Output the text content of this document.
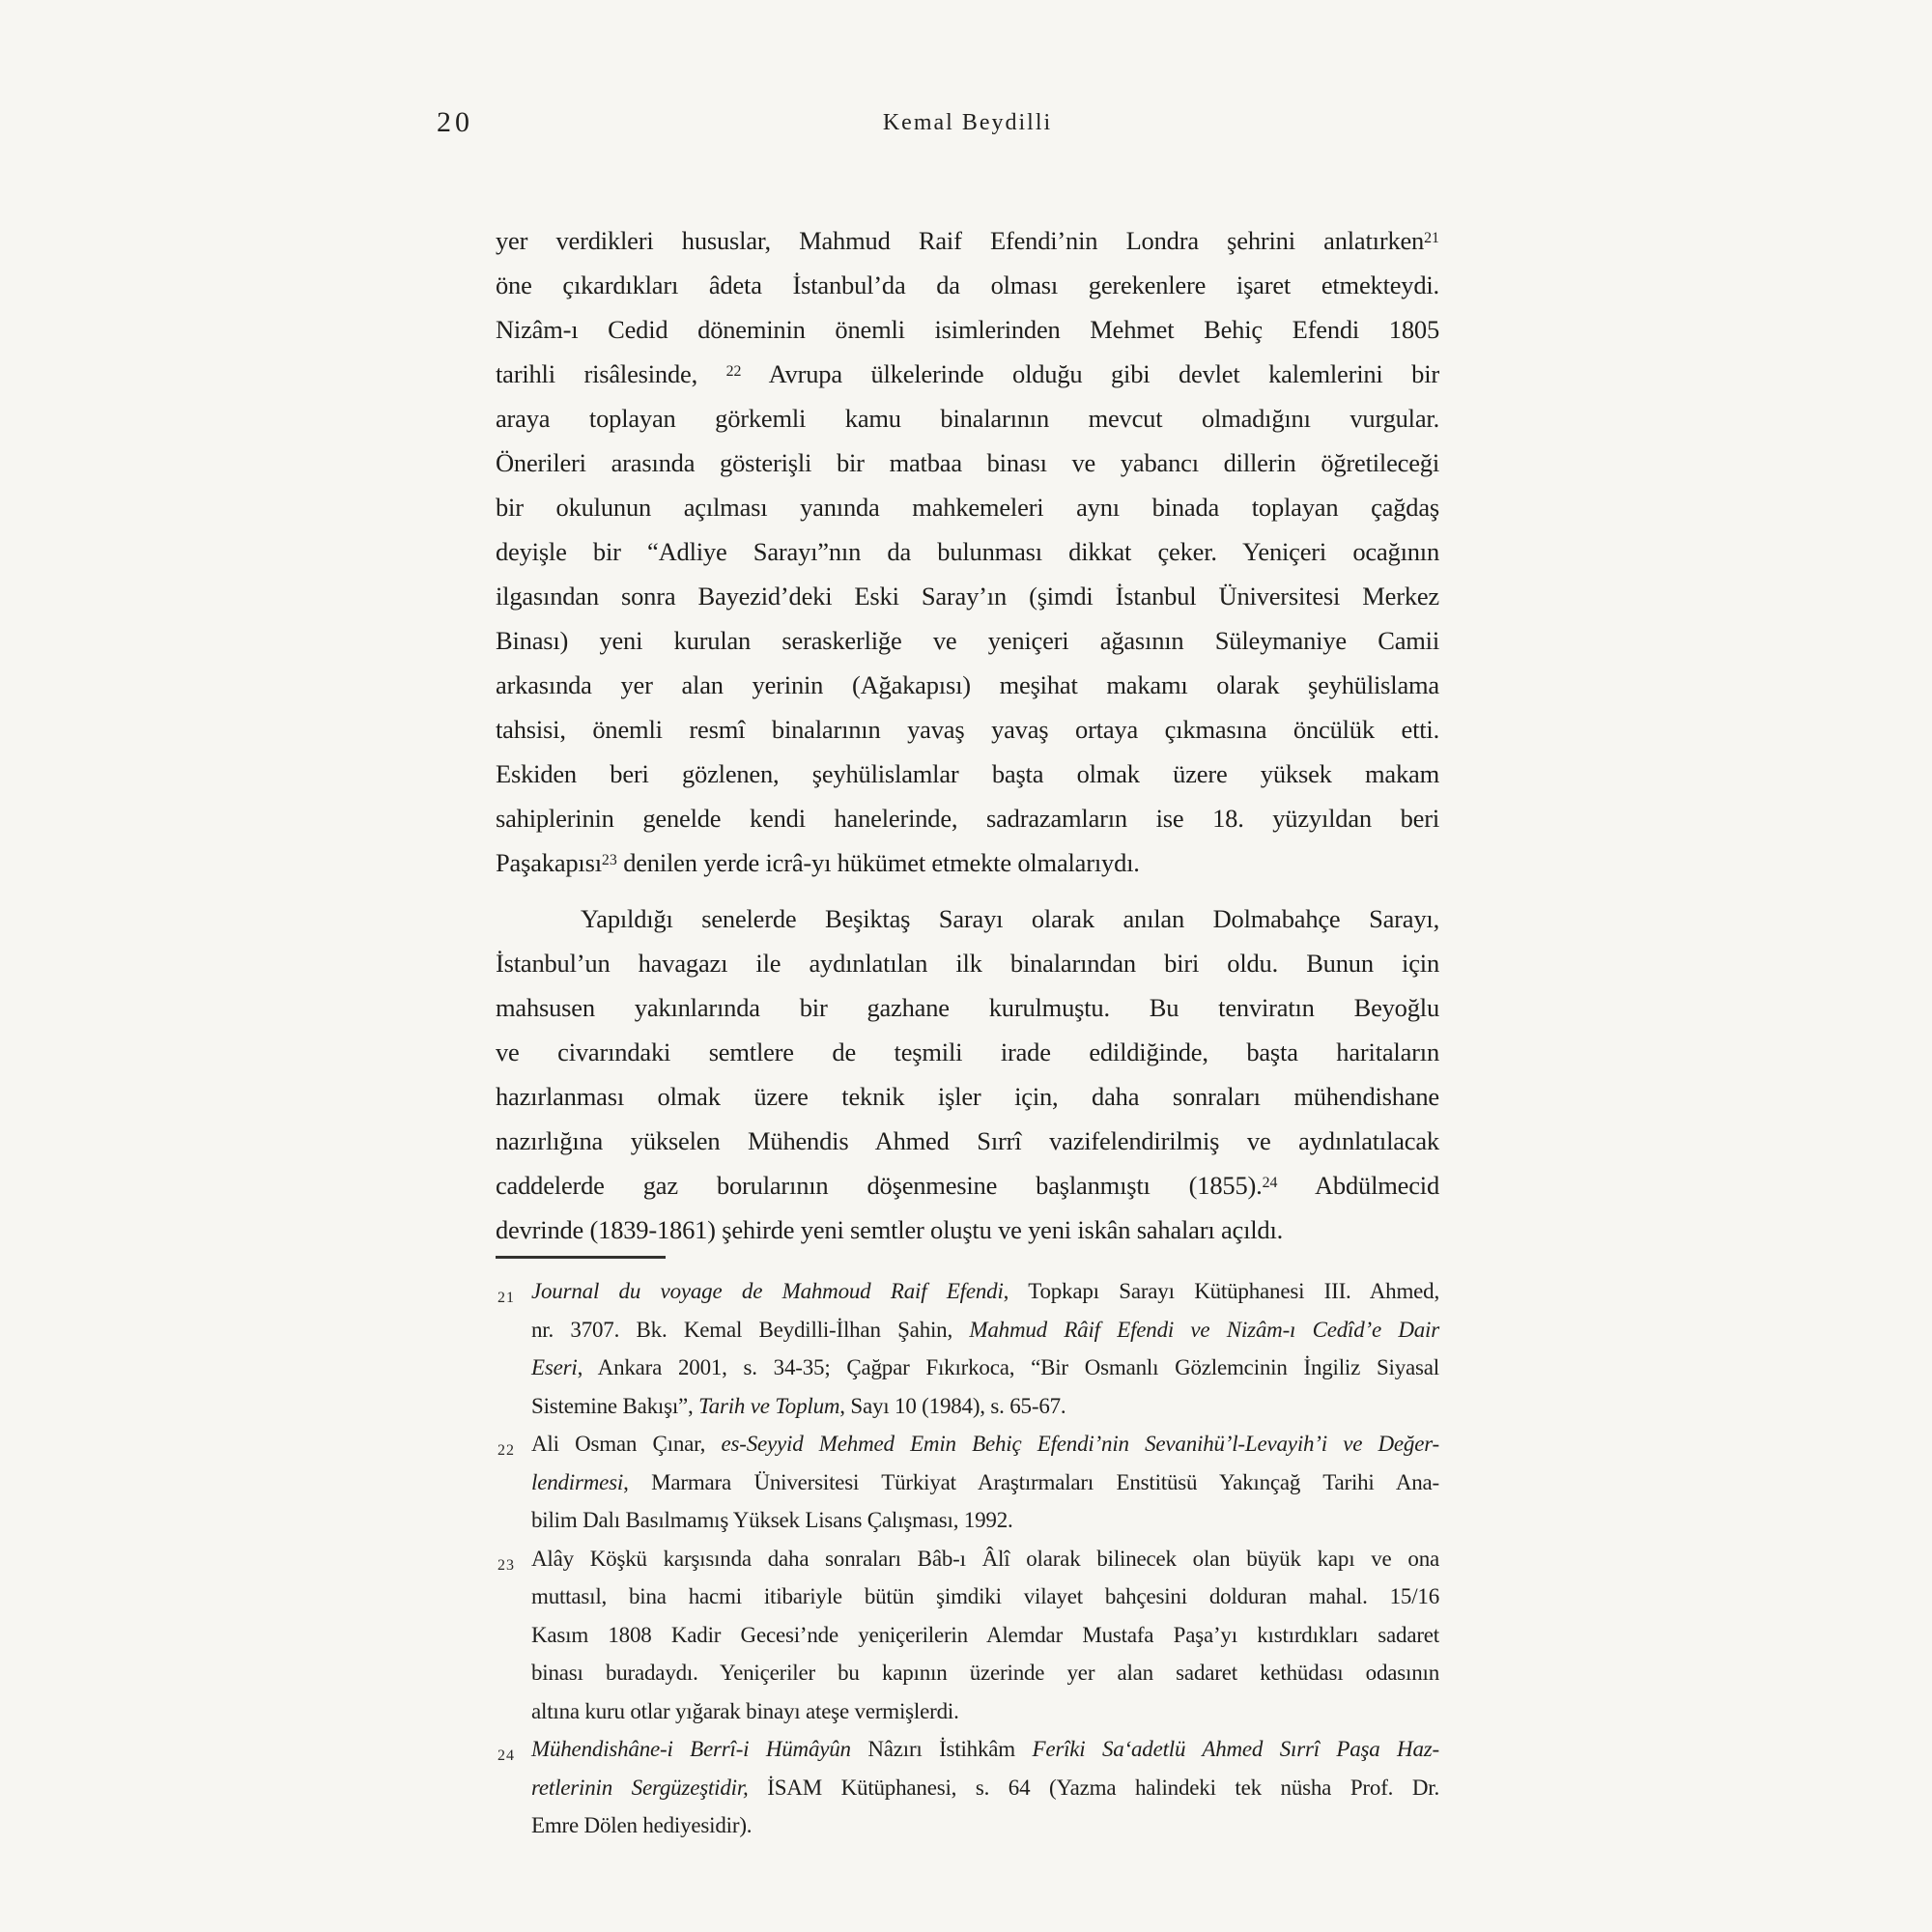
20	Kemal Beydilli
yer verdikleri hususlar, Mahmud Raif Efendi’nin Londra şehrini anlatırken$^{21}$
öne çıkardıkları âdeta İstanbul’da da olması gerekenlere işaret etmekteydi.
Nizâm-ı Cedid döneminin önemli isimlerinden Mehmet Behiç Efendi 1805
tarihli risâlesinde, $^{22}$ Avrupa ülkelerinde olduğu gibi devlet kalemlerini bir
araya toplayan görkemli kamu binalarının mevcut olmadığını vurgular.
Önerileri arasında gösterişli bir matbaa binası ve yabancı dillerin öğretileceği
bir okulunun açılması yanında mahkemeleri aynı binada toplayan çağdaş
deyişle bir “Adliye Sarayı”nın da bulunması dikkat çeker. Yeniçeri ocağının
ilgasından sonra Bayezid’deki Eski Saray’ın (şimdi İstanbul Üniversitesi Merkez
Binası) yeni kurulan seraskerliğe ve yeniçeri ağasının Süleymaniye Camii
arkasında yer alan yerinin (Ağakapısı) meşihat makamı olarak şeyhülislama
tahsisi, önemli resmî binalarının yavaş yavaş ortaya çıkmasına öncülük etti.
Eskiden beri gözlenen, şeyhülislamlar başta olmak üzere yüksek makam
sahiplerinin genelde kendi hanelerinde, sadrazamların ise 18. yüzyıldan beri
Paşakapısı$^{23}$ denilen yerde icrâ-yı hükümet etmekte olmalarıydı.
Yapıldığı senelerde Beşiktaş Sarayı olarak anılan Dolmabahçe Sarayı,
İstanbul’un havagazı ile aydınlatılan ilk binalarından biri oldu. Bunun için
mahsusen yakınlarında bir gazhane kurulmuştu. Bu tenviratın Beyoğlu
ve civarındaki semtlere de teşmili irade edildiğinde, başta haritaların
hazırlanması olmak üzere teknik işler için, daha sonraları mühendishane
nazırlığına yükselen Mühendis Ahmed Sırrî vazifelendirilmiş ve aydınlatılacak
caddelerde gaz borularının döşenmesine başlanmıştı (1855).$^{24}$ Abdülmecid
devrinde (1839-1861) şehirde yeni semtler oluştu ve yeni iskân sahaları açıldı.
21 Journal du voyage de Mahmoud Raif Efendi, Topkapı Sarayı Kütüphanesi III. Ahmed,
nr. 3707. Bk. Kemal Beydilli-İlhan Şahin, Mahmud Râif Efendi ve Nizâm-ı Cedîd’e Dair
Eseri, Ankara 2001, s. 34-35; Çağpar Fıkırkoca, “Bir Osmanlı Gözlemcinin İngiliz Siyasal
Sistemine Bakışı”, Tarih ve Toplum, Sayı 10 (1984), s. 65-67.
22 Ali Osman Çınar, es-Seyyid Mehmed Emin Behiç Efendi’nin Sevanihü’l-Levayih’i ve Değer-
lendirmesi, Marmara Üniversitesi Türkiyat Araştırmaları Enstitüsü Yakınçağ Tarihi Ana-
bilim Dalı Basılmamış Yüksek Lisans Çalışması, 1992.
23 Alây Köşkü karşısında daha sonraları Bâb-ı Âlî olarak bilinecek olan büyük kapı ve ona
muttasıl, bina hacmi itibariyle bütün şimdiki vilayet bahçesini dolduran mahal. 15/16
Kasım 1808 Kadir Gecesi’nde yeniçerilerin Alemdar Mustafa Paşa’yı kıstırdıkları sadaret
binası buradaydı. Yeniçeriler bu kapının üzerinde yer alan sadaret kethüdası odasının
altına kuru otlar yığarak binayı ateşe vermişlerdi.
24 Mühendishâne-i Berrî-i Hümâyûn Nâzırı İstihkâm Ferîki Sa‘adetlü Ahmed Sırrî Paşa Haz-
retlerinin Sergüzeştidir, İSAM Kütüphanesi, s. 64 (Yazma halindeki tek nüsha Prof. Dr.
Emre Dölen hediyesidir).
